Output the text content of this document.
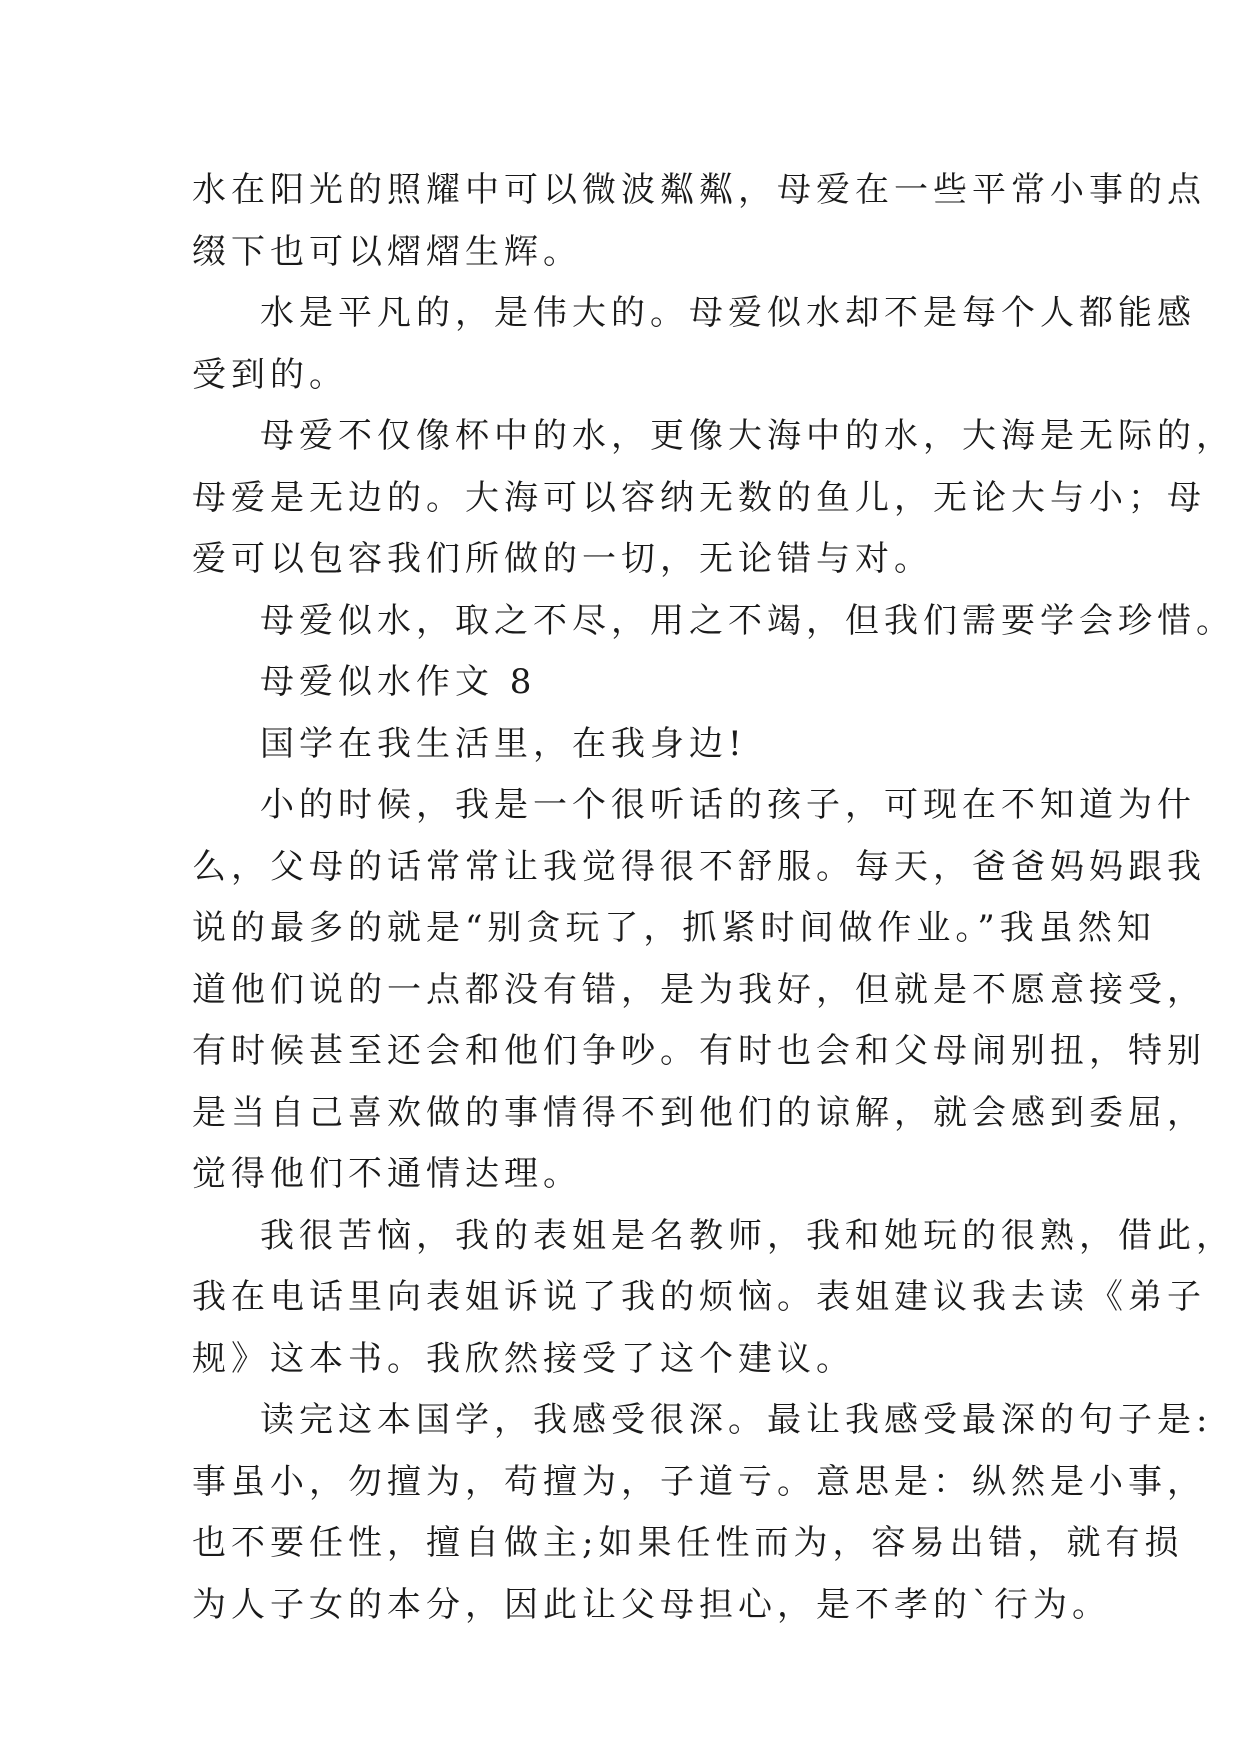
水在阳光的照耀中可以微波粼粼，母爱在一些平常小事的点
缀下也可以熠熠生辉。
水是平凡的，是伟大的。母爱似水却不是每个人都能感
受到的。
母爱不仅像杯中的水，更像大海中的水，大海是无际的，
母爱是无边的。大海可以容纳无数的鱼儿，无论大与小；母
爱可以包容我们所做的一切，无论错与对。
母爱似水，取之不尽，用之不竭，但我们需要学会珍惜。
母爱似水作文 8
国学在我生活里，在我身边!
小的时候，我是一个很听话的孩子，可现在不知道为什
么，父母的话常常让我觉得很不舒服。每天，爸爸妈妈跟我
说的最多的就是“别贪玩了，抓紧时间做作业。”我虽然知
道他们说的一点都没有错，是为我好，但就是不愿意接受，
有时候甚至还会和他们争吵。有时也会和父母闹别扭，特别
是当自己喜欢做的事情得不到他们的谅解，就会感到委屈，
觉得他们不通情达理。
我很苦恼，我的表姐是名教师，我和她玩的很熟，借此，
我在电话里向表姐诉说了我的烦恼。表姐建议我去读《弟子
规》这本书。我欣然接受了这个建议。
读完这本国学，我感受很深。最让我感受最深的句子是:
事虽小，勿擅为，苟擅为，子道亏。意思是：纵然是小事，
也不要任性，擅自做主;如果任性而为，容易出错，就有损
为人子女的本分，因此让父母担心，是不孝的`行为。
